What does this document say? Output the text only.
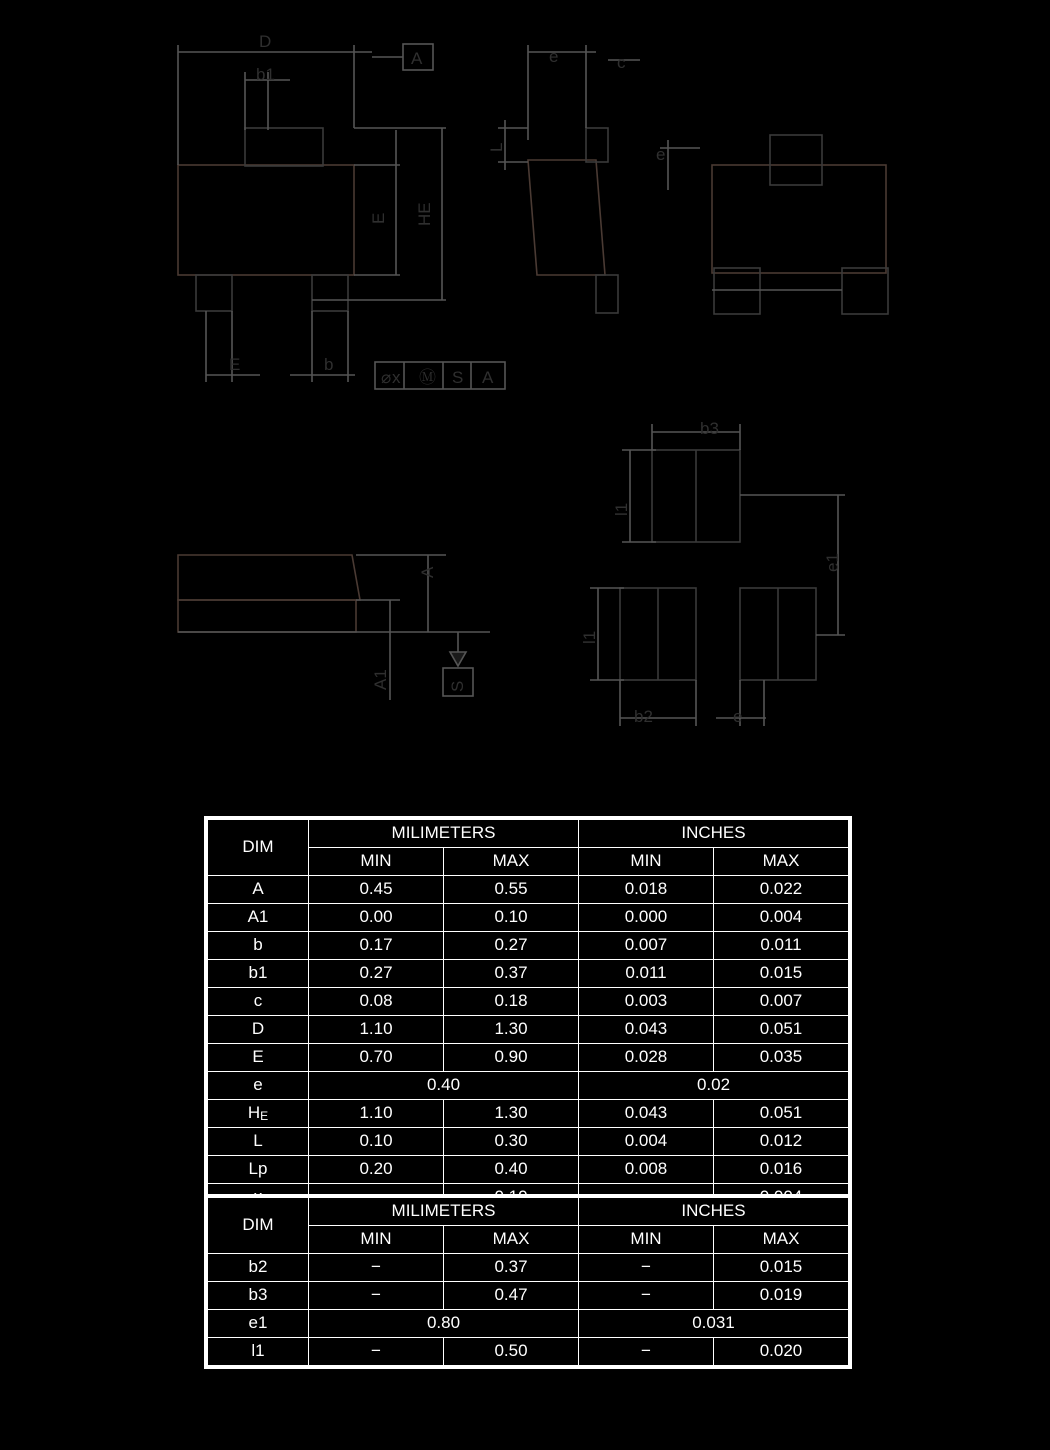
D
b1
A	e	c
e
E	b
⌀ x Ⓜ S A
b3
b2	e
E HE
L
A
A1	S
l1
l1
e1
DIM	MILIMETERS		INCHES	
	MIN	MAX	MIN	MAX
A	0.45	0.55	0.018	0.022
A1	0.00	0.10	0.000	0.004
b	0.17	0.27	0.007	0.011
b1	0.27	0.37	0.011	0.015
c	0.08	0.18	0.003	0.007
D	1.10	1.30	0.043	0.051
E	0.70	0.90	0.028	0.035
e	0.40		0.02	
HE	1.10	1.30	0.043	0.051
L	0.10	0.30	0.004	0.012
Lp	0.20	0.40	0.008	0.016

DIM	MILIMETERS		INCHES	
	MIN	MAX	MIN	MAX
b2	−	0.37	−	0.015
b3	−	0.47	−	0.019
e1	0.80		0.031	
l1	−	0.50	−	0.020
